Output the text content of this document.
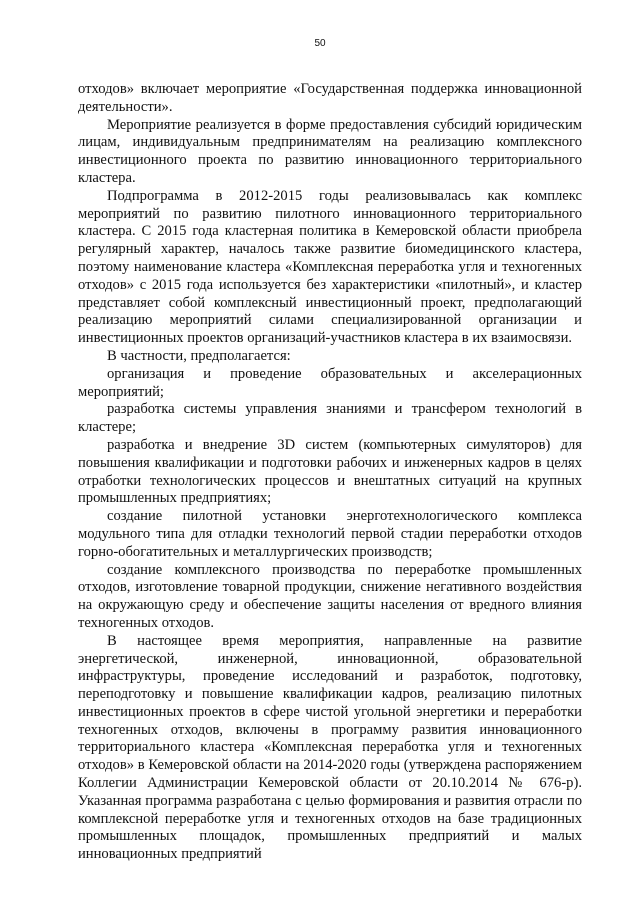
50

отходов» включает мероприятие «Государственная поддержка инновационной деятельности».

Мероприятие реализуется в форме предоставления субсидий юридическим лицам, индивидуальным предпринимателям на реализацию комплексного инвестиционного проекта по развитию инновационного территориального кластера.

Подпрограмма в 2012-2015 годы реализовывалась как комплекс мероприятий по развитию пилотного инновационного территориального кластера. С 2015 года кластерная политика в Кемеровской области приобрела регулярный характер, началось также развитие биомедицинского кластера, поэтому наименование кластера «Комплексная переработка угля и техногенных отходов» с 2015 года используется без характеристики «пилотный», и кластер представляет собой комплексный инвестиционный проект, предполагающий реализацию мероприятий силами специализированной организации и инвестиционных проектов организаций-участников кластера в их взаимосвязи.

В частности, предполагается:

организация и проведение образовательных и акселерационных мероприятий;

разработка системы управления знаниями и трансфером технологий в кластере;

разработка и внедрение 3D систем (компьютерных симуляторов) для повышения квалификации и подготовки рабочих и инженерных кадров в целях отработки технологических процессов и внештатных ситуаций на крупных промышленных предприятиях;

создание пилотной установки энерготехнологического комплекса модульного типа для отладки технологий первой стадии переработки отходов горно-обогатительных и металлургических производств;

создание комплексного производства по переработке промышленных отходов, изготовление товарной продукции, снижение негативного воздействия на окружающую среду и обеспечение защиты населения от вредного влияния техногенных отходов.

В настоящее время мероприятия, направленные на развитие энергетической, инженерной, инновационной, образовательной инфраструктуры, проведение исследований и разработок, подготовку, переподготовку и повышение квалификации кадров, реализацию пилотных инвестиционных проектов в сфере чистой угольной энергетики и переработки техногенных отходов, включены в программу развития инновационного территориального кластера «Комплексная переработка угля и техногенных отходов» в Кемеровской области на 2014-2020 годы (утверждена распоряжением Коллегии Администрации Кемеровской области от 20.10.2014 № 676-р). Указанная программа разработана с целью формирования и развития отрасли по комплексной переработке угля и техногенных отходов на базе традиционных промышленных площадок, промышленных предприятий и малых инновационных предприятий
